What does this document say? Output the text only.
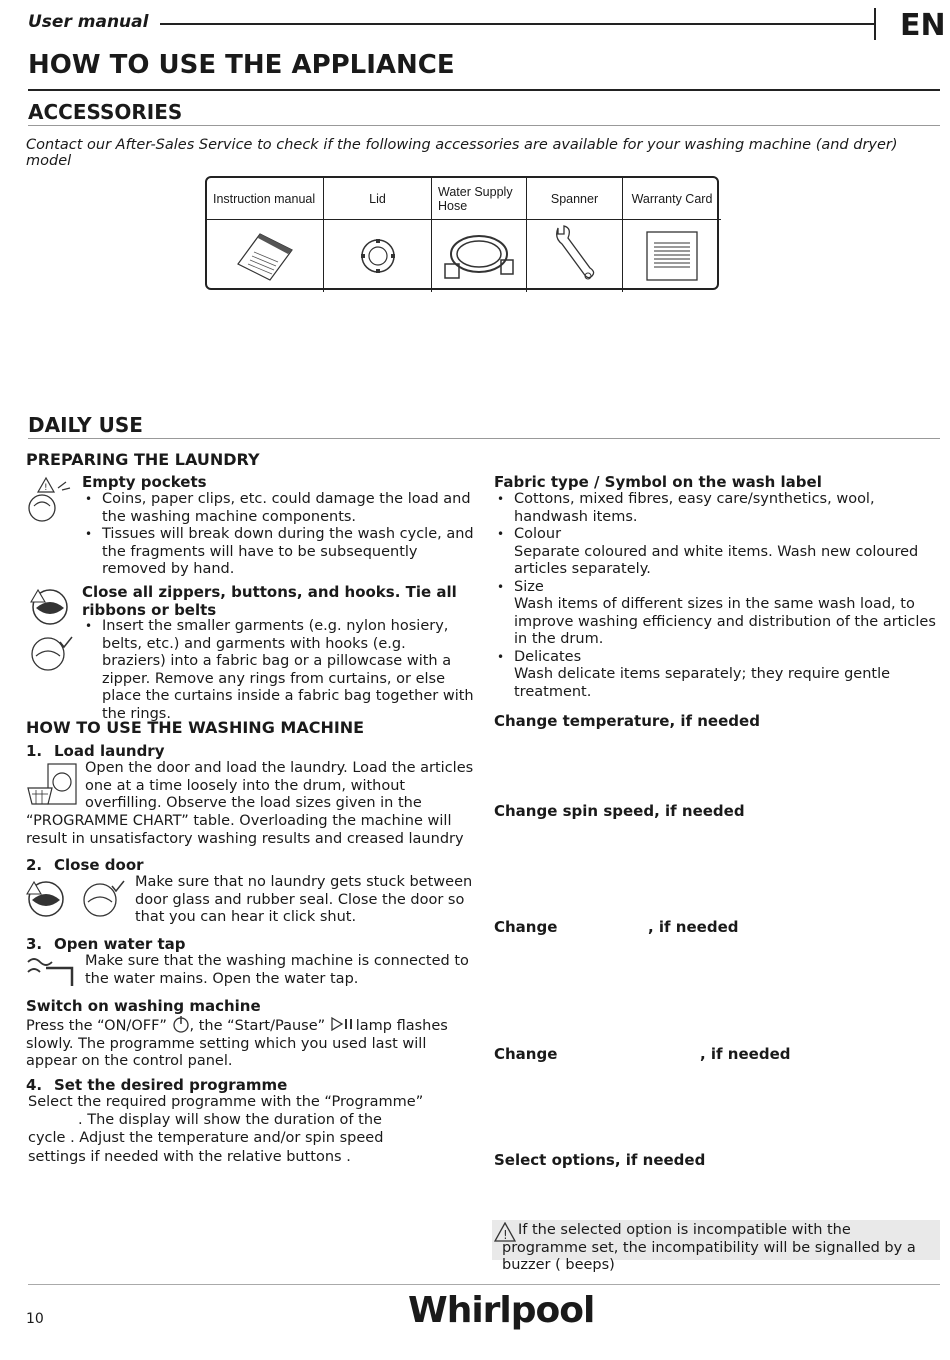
User manual	EN
HOW TO USE THE APPLIANCE
ACCESSORIES
Contact our After-Sales Service to check if the following accessories are available for your washing machine (and dryer) model
Instruction manual	Lid	Water Supply Hose	Spanner	Warranty Card
DAILY USE
PREPARING THE LAUNDRY
! Empty pockets
• Coins, paper clips, etc. could damage the load and the washing machine components.
• Tissues will break down during the wash cycle, and the fragments will have to be subsequently removed by hand.
Close all zippers, buttons, and hooks. Tie all ribbons or belts
• Insert the smaller garments (e.g. nylon hosiery, belts, etc.) and garments with hooks (e.g. braziers) into a fabric bag or a pillowcase with a zipper. Remove any rings from curtains, or else place the curtains inside a fabric bag together with the rings.
HOW TO USE THE WASHING MACHINE
1. Load laundry
Open the door and load the laundry. Load the articles one at a time loosely into the drum, without overfilling. Observe the load sizes given in the
“PROGRAMME CHART” table. Overloading the machine will result in unsatisfactory washing results and creased laundry
2. Close door
Make sure that no laundry gets stuck between door glass and rubber seal. Close the door so that you can hear it click shut.
3. Open water tap
Make sure that the washing machine is connected to the water mains. Open the water tap.
Switch on washing machine
Press the “ON/OFF” , the “Start/Pause” lamp flashes slowly. The programme setting which you used last will appear on the control panel.
4. Set the desired programme
Select the required programme with the “Programme”
. The display will show the duration of the
cycle . Adjust the temperature and/or spin speed
settings if needed with the relative buttons .
Fabric type / Symbol on the wash label
• Cottons, mixed fibres, easy care/synthetics, wool, handwash items.
• Colour
Separate coloured and white items. Wash new coloured articles separately.
• Size
Wash items of different sizes in the same wash load, to improve washing efficiency and distribution of the articles in the drum.
• Delicates
Wash delicate items separately; they require gentle treatment.
Change temperature, if needed
Change spin speed, if needed
Change	, if needed
Change	, if needed
Select options, if needed
! If the selected option is incompatible with the programme set, the incompatibility will be signalled by a buzzer ( beeps)
10	Whirlpool
